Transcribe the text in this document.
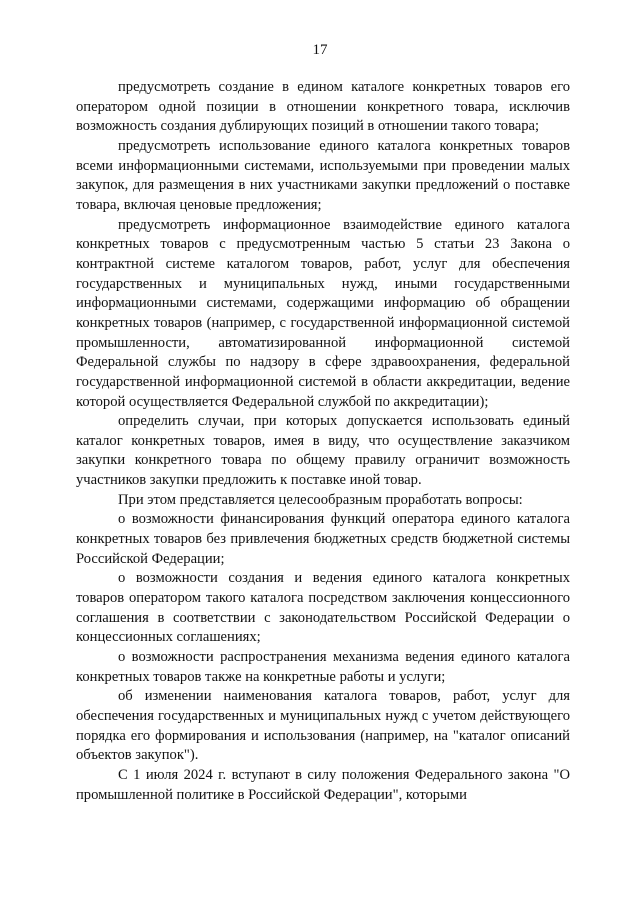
17

предусмотреть создание в едином каталоге конкретных товаров его оператором одной позиции в отношении конкретного товара, исключив возможность создания дублирующих позиций в отношении такого товара;

предусмотреть использование единого каталога конкретных товаров всеми информационными системами, используемыми при проведении малых закупок, для размещения в них участниками закупки предложений о поставке товара, включая ценовые предложения;

предусмотреть информационное взаимодействие единого каталога конкретных товаров с предусмотренным частью 5 статьи 23 Закона о контрактной системе каталогом товаров, работ, услуг для обеспечения государственных и муниципальных нужд, иными государственными информационными системами, содержащими информацию об обращении конкретных товаров (например, с государственной информационной системой промышленности, автоматизированной информационной системой Федеральной службы по надзору в сфере здравоохранения, федеральной государственной информационной системой в области аккредитации, ведение которой осуществляется Федеральной службой по аккредитации);

определить случаи, при которых допускается использовать единый каталог конкретных товаров, имея в виду, что осуществление заказчиком закупки конкретного товара по общему правилу ограничит возможность участников закупки предложить к поставке иной товар.

При этом представляется целесообразным проработать вопросы:

о возможности финансирования функций оператора единого каталога конкретных товаров без привлечения бюджетных средств бюджетной системы Российской Федерации;

о возможности создания и ведения единого каталога конкретных товаров оператором такого каталога посредством заключения концессионного соглашения в соответствии с законодательством Российской Федерации о концессионных соглашениях;

о возможности распространения механизма ведения единого каталога конкретных товаров также на конкретные работы и услуги;

об изменении наименования каталога товаров, работ, услуг для обеспечения государственных и муниципальных нужд с учетом действующего порядка его формирования и использования (например, на "каталог описаний объектов закупок").

С 1 июля 2024 г. вступают в силу положения Федерального закона "О промышленной политике в Российской Федерации", которыми
